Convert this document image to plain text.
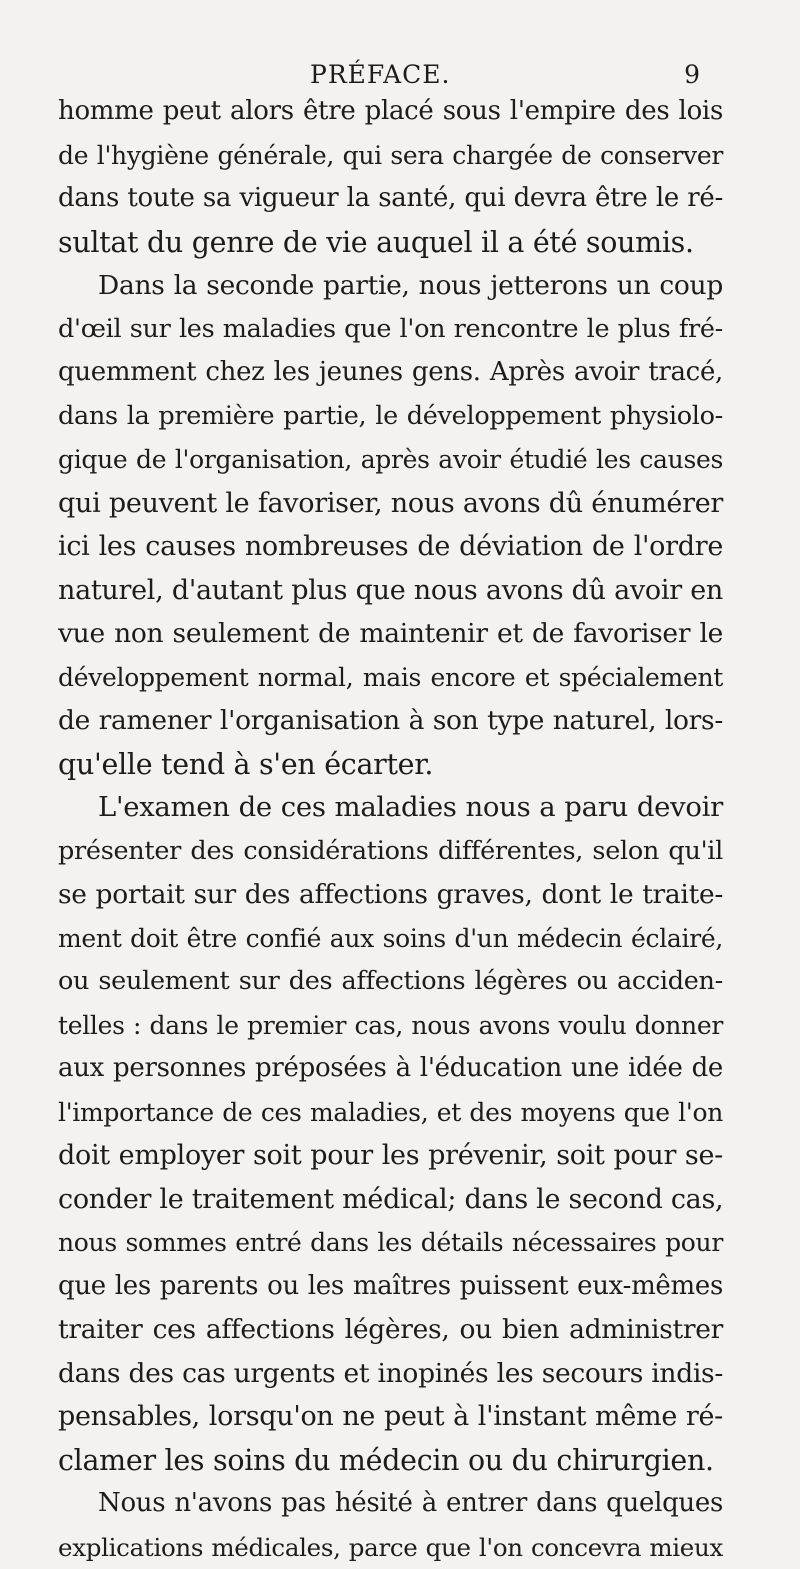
PRÉFACE.	9
homme peut alors être placé sous l'empire des lois
de l'hygiène générale, qui sera chargée de conserver
dans toute sa vigueur la santé, qui devra être le ré-
sultat du genre de vie auquel il a été soumis.
Dans la seconde partie, nous jetterons un coup
d'œil sur les maladies que l'on rencontre le plus fré-
quemment chez les jeunes gens. Après avoir tracé,
dans la première partie, le développement physiolo-
gique de l'organisation, après avoir étudié les causes
qui peuvent le favoriser, nous avons dû énumérer
ici les causes nombreuses de déviation de l'ordre
naturel, d'autant plus que nous avons dû avoir en
vue non seulement de maintenir et de favoriser le
développement normal, mais encore et spécialement
de ramener l'organisation à son type naturel, lors-
qu'elle tend à s'en écarter.
L'examen de ces maladies nous a paru devoir
présenter des considérations différentes, selon qu'il
se portait sur des affections graves, dont le traite-
ment doit être confié aux soins d'un médecin éclairé,
ou seulement sur des affections légères ou acciden-
telles : dans le premier cas, nous avons voulu donner
aux personnes préposées à l'éducation une idée de
l'importance de ces maladies, et des moyens que l'on
doit employer soit pour les prévenir, soit pour se-
conder le traitement médical; dans le second cas,
nous sommes entré dans les détails nécessaires pour
que les parents ou les maîtres puissent eux-mêmes
traiter ces affections légères, ou bien administrer
dans des cas urgents et inopinés les secours indis-
pensables, lorsqu'on ne peut à l'instant même ré-
clamer les soins du médecin ou du chirurgien.
Nous n'avons pas hésité à entrer dans quelques
explications médicales, parce que l'on concevra mieux
